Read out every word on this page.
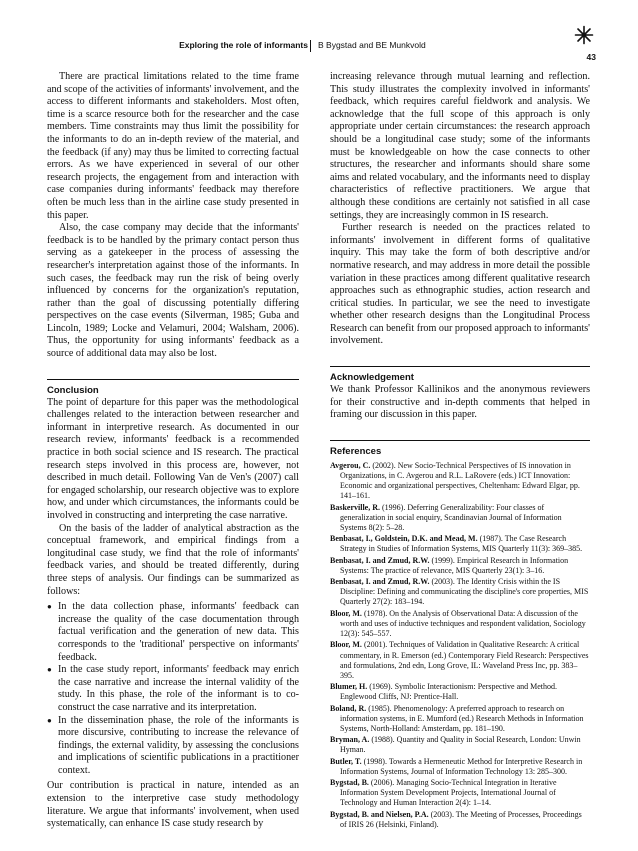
Exploring the role of informants B Bygstad and BE Munkvold
43

There are practical limitations related to the time frame and scope of the activities of informants' involvement, and the access to different informants and stakeholders. Most often, time is a scarce resource both for the researcher and the case members. Time constraints may thus limit the possibility for the informants to do an in-depth review of the material, and the feedback (if any) may thus be limited to correcting factual errors. As we have experienced in several of our other research projects, the engagement from and interaction with case companies during informants' feedback may therefore often be much less than in the airline case study presented in this paper.

Also, the case company may decide that the informants' feedback is to be handled by the primary contact person thus serving as a gatekeeper in the process of assessing the researcher's interpretation against those of the informants. In such cases, the feedback may run the risk of being overly influenced by concerns for the organization's reputation, rather than the goal of discussing potentially differing perspectives on the case events (Silverman, 1985; Guba and Lincoln, 1989; Locke and Velamuri, 2004; Walsham, 2006). Thus, the opportunity for using informants' feedback as a source of additional data may also be lost.

Conclusion

The point of departure for this paper was the methodological challenges related to the interaction between researcher and informant in interpretive research. As documented in our research review, informants' feedback is a recommended practice in both social science and IS research. The practical research steps involved in this process are, however, not described in much detail. Following Van de Ven's (2007) call for engaged scholarship, our research objective was to explore how, and under which circumstances, the informants could be involved in constructing and interpreting the case narrative.

On the basis of the ladder of analytical abstraction as the conceptual framework, and empirical findings from a longitudinal case study, we find that the role of informants' feedback varies, and should be treated differently, during three steps of analysis. Our findings can be summarized as follows:

● In the data collection phase, informants' feedback can increase the quality of the case documentation through factual verification and the generation of new data. This corresponds to the 'traditional' perspective on informants' feedback.
● In the case study report, informants' feedback may enrich the case narrative and increase the internal validity of the study. In this phase, the role of the informant is to co-construct the case narrative and its interpretation.
● In the dissemination phase, the role of the informants is more discursive, contributing to increase the relevance of findings, the external validity, by assessing the conclusions and implications of scientific publications in a practitioner context.

Our contribution is practical in nature, intended as an extension to the interpretive case study methodology literature. We argue that informants' involvement, when used systematically, can enhance IS case study research by

increasing relevance through mutual learning and reflection. This study illustrates the complexity involved in informants' feedback, which requires careful fieldwork and analysis. We acknowledge that the full scope of this approach is only appropriate under certain circumstances: the research approach should be a longitudinal case study; some of the informants must be knowledgeable on how the case connects to other structures, the researcher and informants should share some aims and related vocabulary, and the informants need to display characteristics of reflective practitioners. We argue that although these conditions are certainly not satisfied in all case settings, they are increasingly common in IS research.

Further research is needed on the practices related to informants' involvement in different forms of qualitative inquiry. This may take the form of both descriptive and/or normative research, and may address in more detail the possible variation in these practices among different qualitative research approaches such as ethnographic studies, action research and critical studies. In particular, we see the need to investigate whether other research designs than the Longitudinal Process Research can benefit from our proposed approach to informants' involvement.

Acknowledgement

We thank Professor Kallinikos and the anonymous reviewers for their constructive and in-depth comments that helped in framing our discussion in this paper.

References

Avgerou, C. (2002). New Socio-Technical Perspectives of IS innovation in Organizations, in C. Avgerou and R.L. LaRovere (eds.) ICT Innovation: Economic and organizational perspectives, Cheltenham: Edward Elgar, pp. 141–161.

Baskerville, R. (1996). Deferring Generalizability: Four classes of generalization in social enquiry, Scandinavian Journal of Information Systems 8(2): 5–28.

Benbasat, I., Goldstein, D.K. and Mead, M. (1987). The Case Research Strategy in Studies of Information Systems, MIS Quarterly 11(3): 369–385.

Benbasat, I. and Zmud, R.W. (1999). Empirical Research in Information Systems: The practice of relevance, MIS Quarterly 23(1): 3–16.

Benbasat, I. and Zmud, R.W. (2003). The Identity Crisis within the IS Discipline: Defining and communicating the discipline's core properties, MIS Quarterly 27(2): 183–194.

Bloor, M. (1978). On the Analysis of Observational Data: A discussion of the worth and uses of inductive techniques and respondent validation, Sociology 12(3): 545–557.

Bloor, M. (2001). Techniques of Validation in Qualitative Research: A critical commentary, in R. Emerson (ed.) Contemporary Field Research: Perspectives and formulations, 2nd edn, Long Grove, IL: Waveland Press Inc, pp. 383–395.

Blumer, H. (1969). Symbolic Interactionism: Perspective and Method. Englewood Cliffs, NJ: Prentice-Hall.

Boland, R. (1985). Phenomenology: A preferred approach to research on information systems, in E. Mumford (ed.) Research Methods in Information Systems, North-Holland: Amsterdam, pp. 181–190.

Bryman, A. (1988). Quantity and Quality in Social Research, London: Unwin Hyman.

Butler, T. (1998). Towards a Hermeneutic Method for Interpretive Research in Information Systems, Journal of Information Technology 13: 285–300.

Bygstad, B. (2006). Managing Socio-Technical Integration in Iterative Information System Development Projects, International Journal of Technology and Human Interaction 2(4): 1–14.

Bygstad, B. and Nielsen, P.A. (2003). The Meeting of Processes, Proceedings of IRIS 26 (Helsinki, Finland).
